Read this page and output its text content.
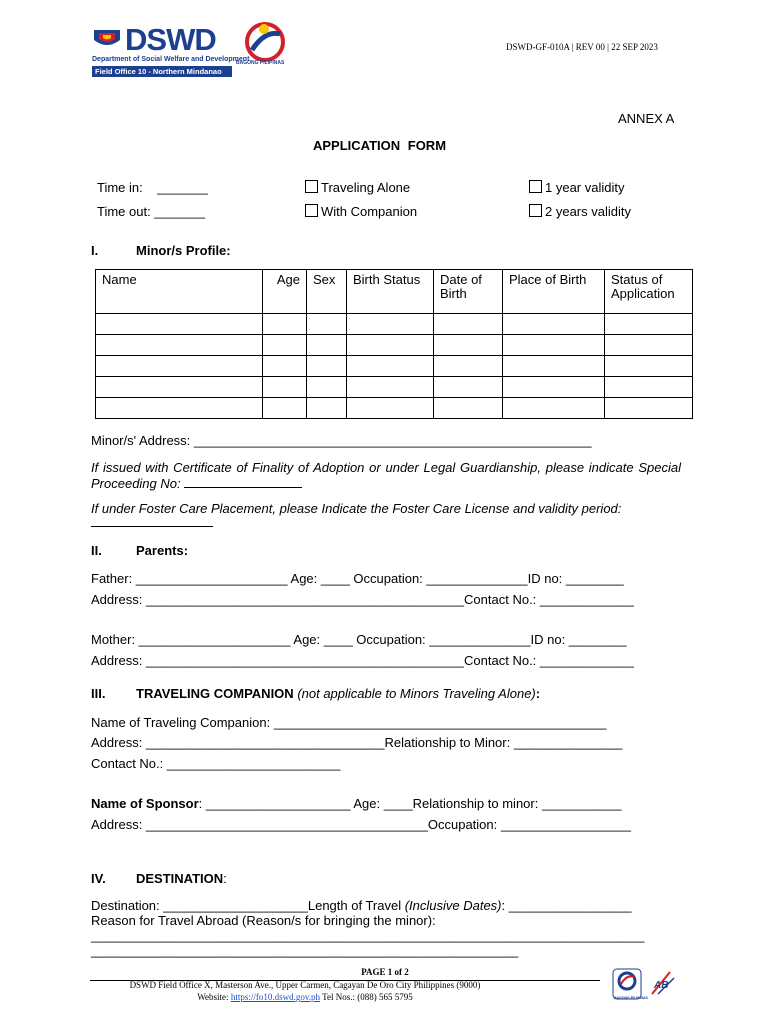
DSWD
Department of Social Welfare and Development
Field Office 10 - Northern Mindanao
BAGONG PILIPINAS
DSWD-GF-010A | REV 00 | 22 SEP 2023
ANNEX A
APPLICATION FORM
Time in: _______
Time out: _______
Traveling Alone
With Companion
1 year validity
2 years validity
I.	Minor/s Profile:
Name	Age	Sex	Birth Status	Date of Birth	Place of Birth	Status of Application

Minor/s' Address: _______________________________________________________
If issued with Certificate of Finality of Adoption or under Legal Guardianship, please indicate Special Proceeding No:
If under Foster Care Placement, please Indicate the Foster Care License and validity period:
II.	Parents:
Father: _____________________ Age: ____ Occupation: ______________ID no: ________
Address: ____________________________________________Contact No.: _____________
Mother: _____________________ Age: ____ Occupation: ______________ID no: ________
Address: ____________________________________________Contact No.: _____________
III. TRAVELING COMPANION (not applicable to Minors Traveling Alone):
Name of Traveling Companion: ______________________________________________
Address: _________________________________Relationship to Minor: _______________
Contact No.: ________________________
Name of Sponsor: ____________________ Age: ____Relationship to minor: ___________
Address: _______________________________________Occupation: __________________
IV. DESTINATION:
Destination: ____________________Length of Travel (Inclusive Dates): _________________
Reason for Travel Abroad (Reason/s for bringing the minor):
_______________________________________________________________________________
_____________________________________________________________
PAGE 1 of 2
DSWD Field Office X, Masterson Ave., Upper Carmen, Cagayan De Oro City Philippines (9000)
Website: https://fo10.dswd.gov.ph Tel Nos.: (088) 565 5795	BAGONG PILIPINAS
AB
